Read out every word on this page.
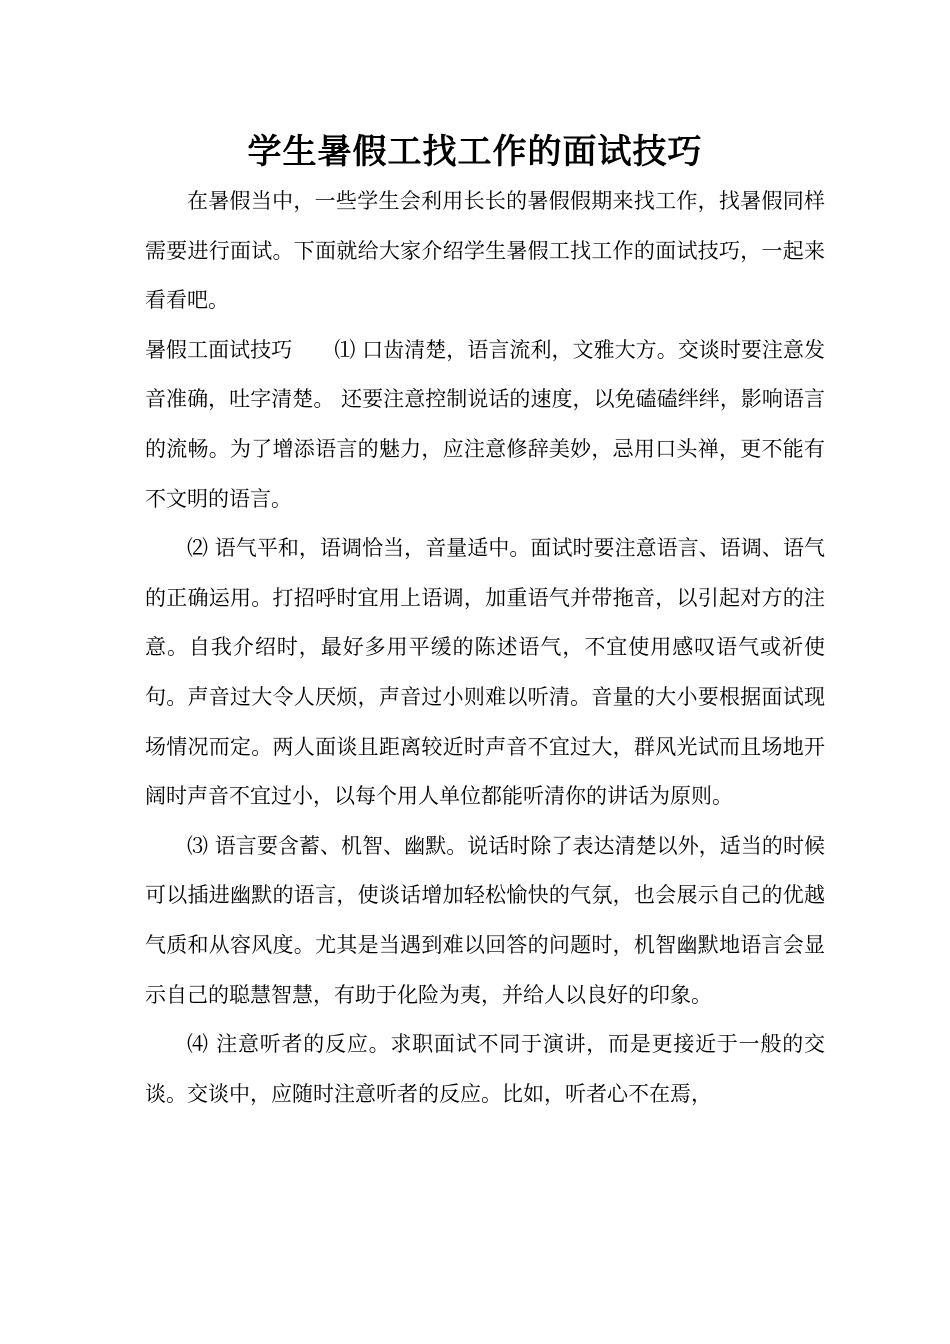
学生暑假工找工作的面试技巧

在暑假当中，一些学生会利用长长的暑假假期来找工作，找暑假同样需要进行面试。下面就给大家介绍学生暑假工找工作的面试技巧，一起来看看吧。

暑假工面试技巧　　⑴ 口齿清楚，语言流利，文雅大方。交谈时要注意发音准确，吐字清楚。 还要注意控制说话的速度，以免磕磕绊绊，影响语言的流畅。为了增添语言的魅力，应注意修辞美妙，忌用口头禅，更不能有不文明的语言。

⑵ 语气平和，语调恰当，音量适中。面试时要注意语言、语调、语气的正确运用。打招呼时宜用上语调，加重语气并带拖音，以引起对方的注意。自我介绍时，最好多用平缓的陈述语气，不宜使用感叹语气或祈使句。声音过大令人厌烦，声音过小则难以听清。音量的大小要根据面试现场情况而定。两人面谈且距离较近时声音不宜过大，群风光试而且场地开阔时声音不宜过小，以每个用人单位都能听清你的讲话为原则。

⑶ 语言要含蓄、机智、幽默。说话时除了表达清楚以外，适当的时候可以插进幽默的语言，使谈话增加轻松愉快的气氛，也会展示自己的优越气质和从容风度。尤其是当遇到难以回答的问题时，机智幽默地语言会显示自己的聪慧智慧，有助于化险为夷，并给人以良好的印象。

⑷ 注意听者的反应。求职面试不同于演讲，而是更接近于一般的交谈。交谈中，应随时注意听者的反应。比如，听者心不在焉，
